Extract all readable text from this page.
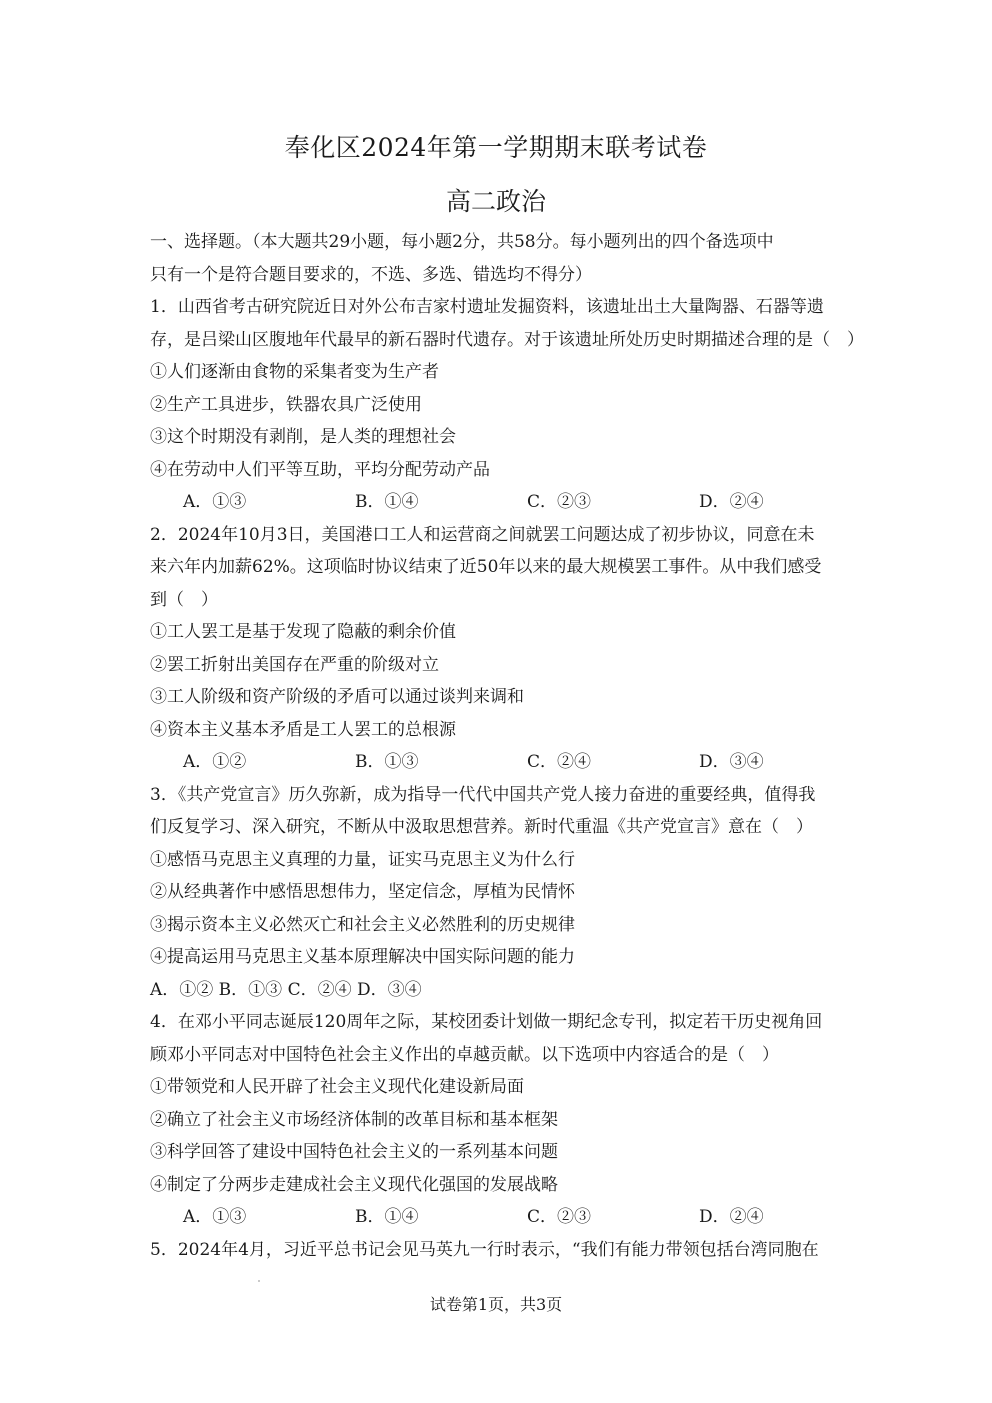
奉化区2024年第一学期期末联考试卷
高二政治

一、选择题。（本大题共29小题，每小题2分，共58分。每小题列出的四个备选项中

只有一个是符合题目要求的，不选、多选、错选均不得分）

1．山西省考古研究院近日对外公布吉家村遗址发掘资料，该遗址出土大量陶器、石器等遗

存，是吕梁山区腹地年代最早的新石器时代遗存。对于该遗址所处历史时期描述合理的是（　）

①人们逐渐由食物的采集者变为生产者

②生产工具进步，铁器农具广泛使用

③这个时期没有剥削，是人类的理想社会

④在劳动中人们平等互助，平均分配劳动产品

A．①③	B．①④	C．②③	D．②④

2．2024年10月3日，美国港口工人和运营商之间就罢工问题达成了初步协议，同意在未

来六年内加薪62%。这项临时协议结束了近50年以来的最大规模罢工事件。从中我们感受

到（　）

①工人罢工是基于发现了隐蔽的剩余价值

②罢工折射出美国存在严重的阶级对立

③工人阶级和资产阶级的矛盾可以通过谈判来调和

④资本主义基本矛盾是工人罢工的总根源

A．①②	B．①③	C．②④	D．③④

3．《共产党宣言》历久弥新，成为指导一代代中国共产党人接力奋进的重要经典，值得我

们反复学习、深入研究，不断从中汲取思想营养。新时代重温《共产党宣言》意在（　）

①感悟马克思主义真理的力量，证实马克思主义为什么行

②从经典著作中感悟思想伟力，坚定信念，厚植为民情怀

③揭示资本主义必然灭亡和社会主义必然胜利的历史规律

④提高运用马克思主义基本原理解决中国实际问题的能力

A．①② B．①③ C．②④ D．③④

4．在邓小平同志诞辰120周年之际，某校团委计划做一期纪念专刊，拟定若干历史视角回

顾邓小平同志对中国特色社会主义作出的卓越贡献。以下选项中内容适合的是（　）

①带领党和人民开辟了社会主义现代化建设新局面

②确立了社会主义市场经济体制的改革目标和基本框架

③科学回答了建设中国特色社会主义的一系列基本问题

④制定了分两步走建成社会主义现代化强国的发展战略

A．①③	B．①④	C．②③	D．②④

5．2024年4月，习近平总书记会见马英九一行时表示，“我们有能力带领包括台湾同胞在

试卷第1页，共3页
